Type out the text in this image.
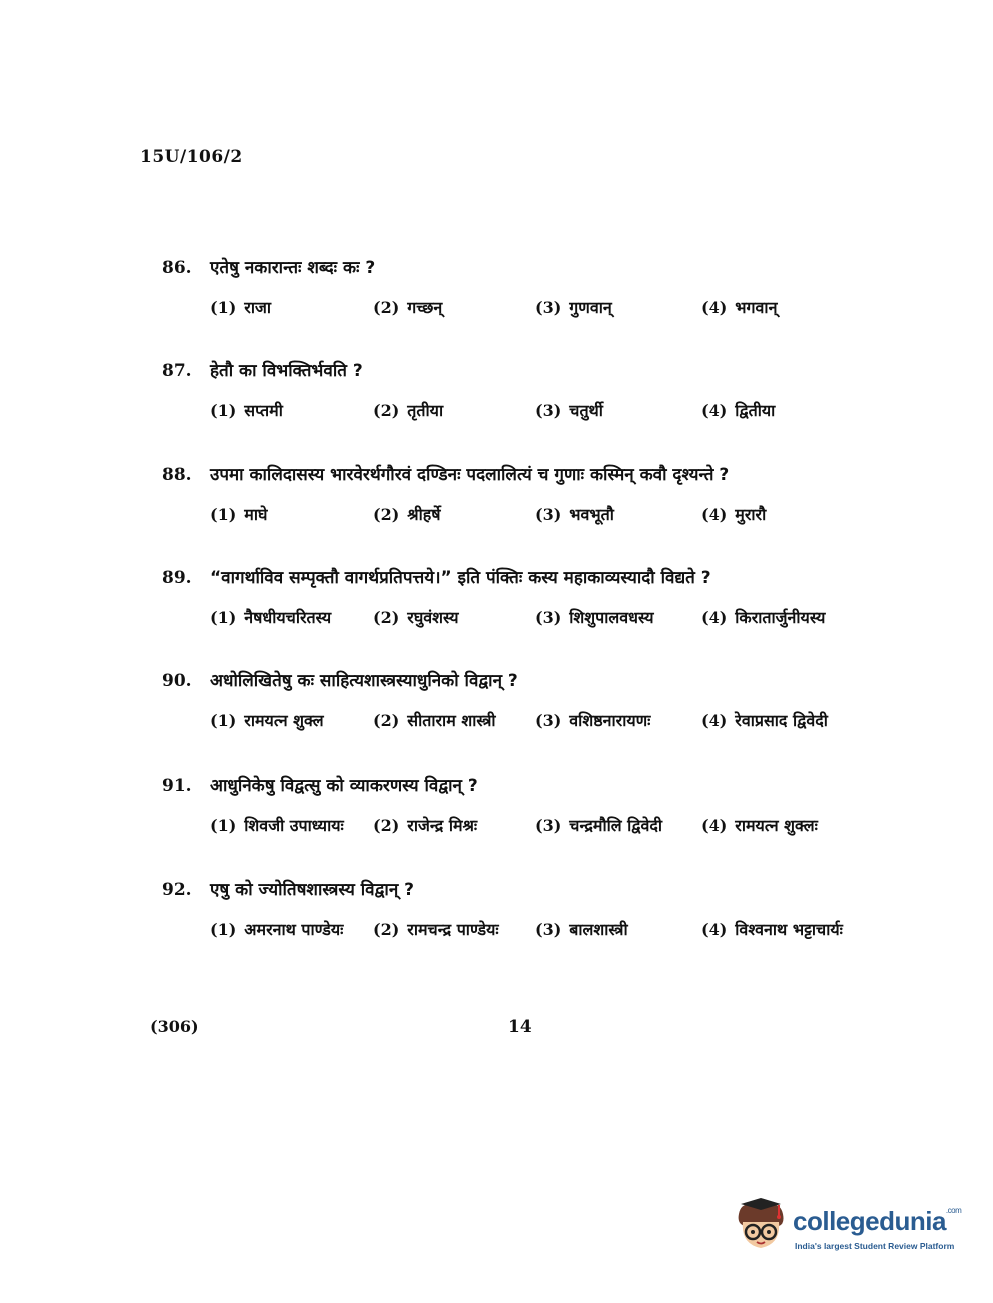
15U/106/2
86.	एतेषु नकारान्तः शब्दः कः ?
(1) राजा	(2) गच्छन्	(3) गुणवान्	(4) भगवान्
87.	हेतौ का विभक्तिर्भवति ?
(1) सप्तमी	(2) तृतीया	(3) चतुर्थी	(4) द्वितीया
88.	उपमा कालिदासस्य भारवेरर्थगौरवं दण्डिनः पदलालित्यं च गुणाः कस्मिन् कवौ दृश्यन्ते ?
(1) माघे	(2) श्रीहर्षे	(3) भवभूतौ	(4) मुरारौ
89.	“वागर्थाविव सम्पृक्तौ वागर्थप्रतिपत्तये।” इति पंक्तिः कस्य महाकाव्यस्यादौ विद्यते ?
(1) नैषधीयचरितस्य	(2) रघुवंशस्य	(3) शिशुपालवधस्य	(4) किरातार्जुनीयस्य
90.	अधोलिखितेषु कः साहित्यशास्त्रस्याधुनिको विद्वान् ?
(1) रामयत्न शुक्ल	(2) सीताराम शास्त्री	(3) वशिष्ठनारायणः	(4) रेवाप्रसाद द्विवेदी
91.	आधुनिकेषु विद्वत्सु को व्याकरणस्य विद्वान् ?
(1) शिवजी उपाध्यायः	(2) राजेन्द्र मिश्रः	(3) चन्द्रमौलि द्विवेदी	(4) रामयत्न शुक्लः
92.	एषु को ज्योतिषशास्त्रस्य विद्वान् ?
(1) अमरनाथ पाण्डेयः	(2) रामचन्द्र पाण्डेयः	(3) बालशास्त्री	(4) विश्वनाथ भट्टाचार्यः
(306)	14
collegedunia$^{.com}$
India's largest Student Review Platform
